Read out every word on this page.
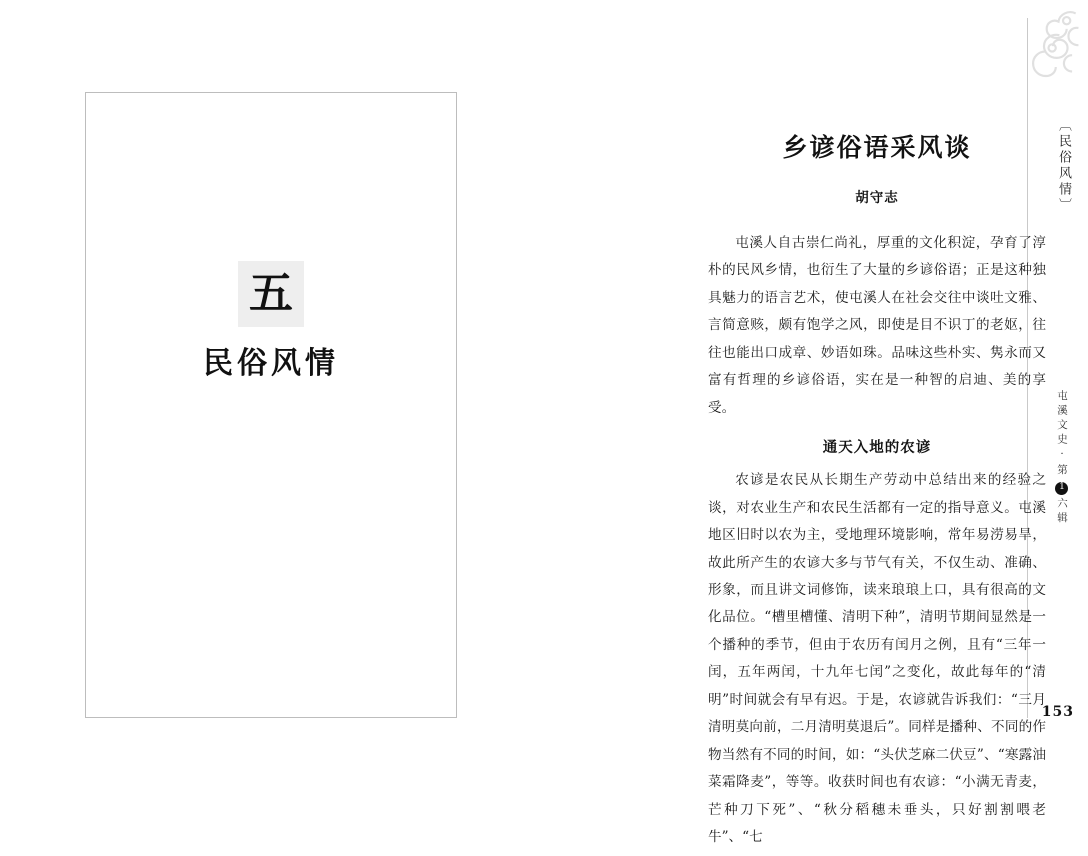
五
民俗风情
〔民俗风情〕
屯溪文史·第1六辑
乡谚俗语采风谈
胡守志

屯溪人自古崇仁尚礼，厚重的文化积淀，孕育了淳朴的民风乡情，也衍生了大量的乡谚俗语；正是这种独具魅力的语言艺术，使屯溪人在社会交往中谈吐文雅、言简意赅，颇有饱学之风，即使是目不识丁的老妪，往往也能出口成章、妙语如珠。品味这些朴实、隽永而又富有哲理的乡谚俗语，实在是一种智的启迪、美的享受。

通天入地的农谚

农谚是农民从长期生产劳动中总结出来的经验之谈，对农业生产和农民生活都有一定的指导意义。屯溪地区旧时以农为主，受地理环境影响，常年易涝易旱，故此所产生的农谚大多与节气有关，不仅生动、准确、形象，而且讲文词修饰，读来琅琅上口，具有很高的文化品位。“槽里槽懂、清明下种”，清明节期间显然是一个播种的季节，但由于农历有闰月之例，且有“三年一闰，五年两闰，十九年七闰”之变化，故此每年的“清明”时间就会有早有迟。于是，农谚就告诉我们：“三月清明莫向前，二月清明莫退后”。同样是播种、不同的作物当然有不同的时间，如：“头伏芝麻二伏豆”、“寒露油菜霜降麦”，等等。收获时间也有农谚：“小满无青麦，芒种刀下死”、“秋分稻穗未垂头，只好割割喂老牛”、“七

153
